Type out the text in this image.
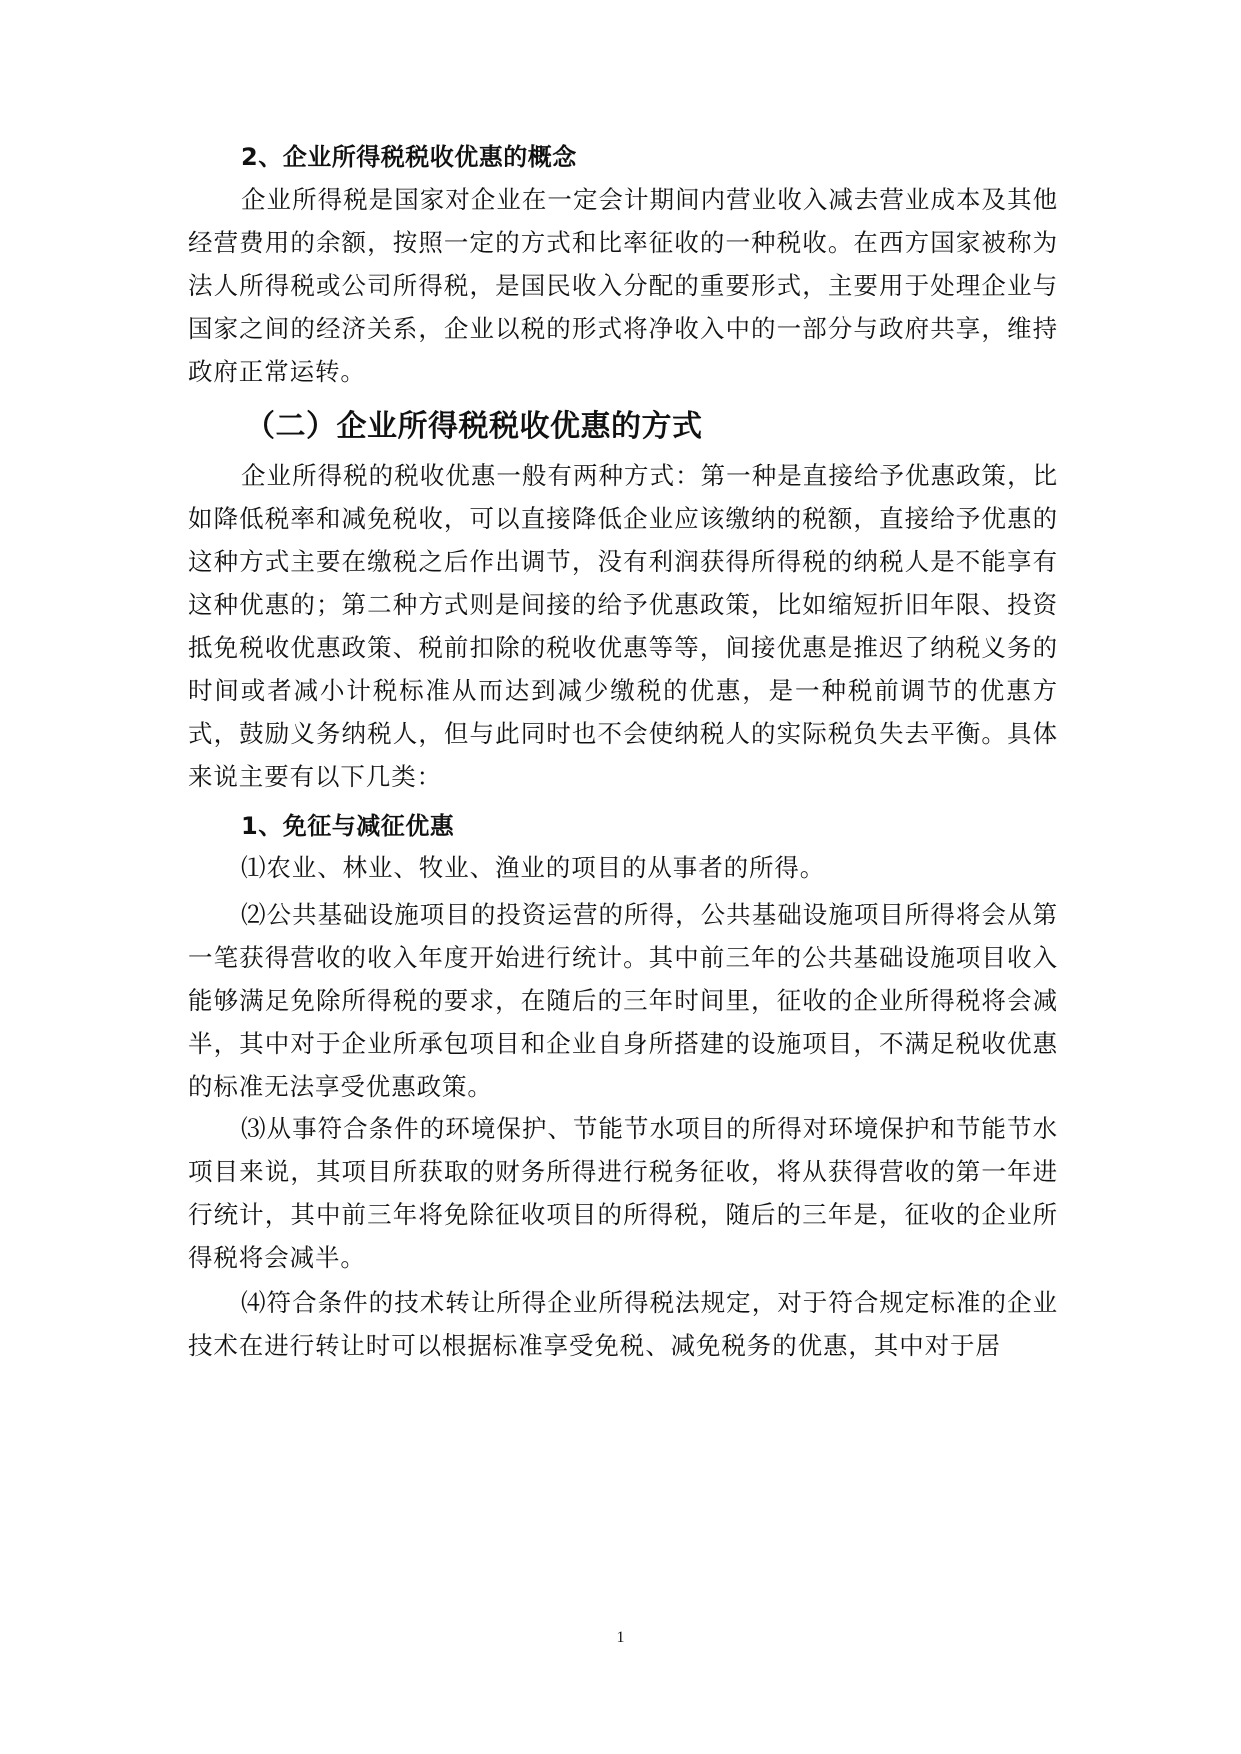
2、企业所得税税收优惠的概念

企业所得税是国家对企业在一定会计期间内营业收入减去营业成本及其他经营费用的余额，按照一定的方式和比率征收的一种税收。在西方国家被称为法人所得税或公司所得税，是国民收入分配的重要形式，主要用于处理企业与国家之间的经济关系，企业以税的形式将净收入中的一部分与政府共享，维持政府正常运转。

（二）企业所得税税收优惠的方式

企业所得税的税收优惠一般有两种方式：第一种是直接给予优惠政策，比如降低税率和减免税收，可以直接降低企业应该缴纳的税额，直接给予优惠的这种方式主要在缴税之后作出调节，没有利润获得所得税的纳税人是不能享有这种优惠的；第二种方式则是间接的给予优惠政策，比如缩短折旧年限、投资抵免税收优惠政策、税前扣除的税收优惠等等，间接优惠是推迟了纳税义务的时间或者减小计税标准从而达到减少缴税的优惠，是一种税前调节的优惠方式，鼓励义务纳税人，但与此同时也不会使纳税人的实际税负失去平衡。具体来说主要有以下几类：

1、免征与减征优惠

⑴农业、林业、牧业、渔业的项目的从事者的所得。

⑵公共基础设施项目的投资运营的所得，公共基础设施项目所得将会从第一笔获得营收的收入年度开始进行统计。其中前三年的公共基础设施项目收入能够满足免除所得税的要求，在随后的三年时间里，征收的企业所得税将会减半，其中对于企业所承包项目和企业自身所搭建的设施项目，不满足税收优惠的标准无法享受优惠政策。

⑶从事符合条件的环境保护、节能节水项目的所得对环境保护和节能节水项目来说，其项目所获取的财务所得进行税务征收，将从获得营收的第一年进行统计，其中前三年将免除征收项目的所得税，随后的三年是，征收的企业所得税将会减半。

⑷符合条件的技术转让所得企业所得税法规定，对于符合规定标准的企业技术在进行转让时可以根据标准享受免税、减免税务的优惠，其中对于居

1
